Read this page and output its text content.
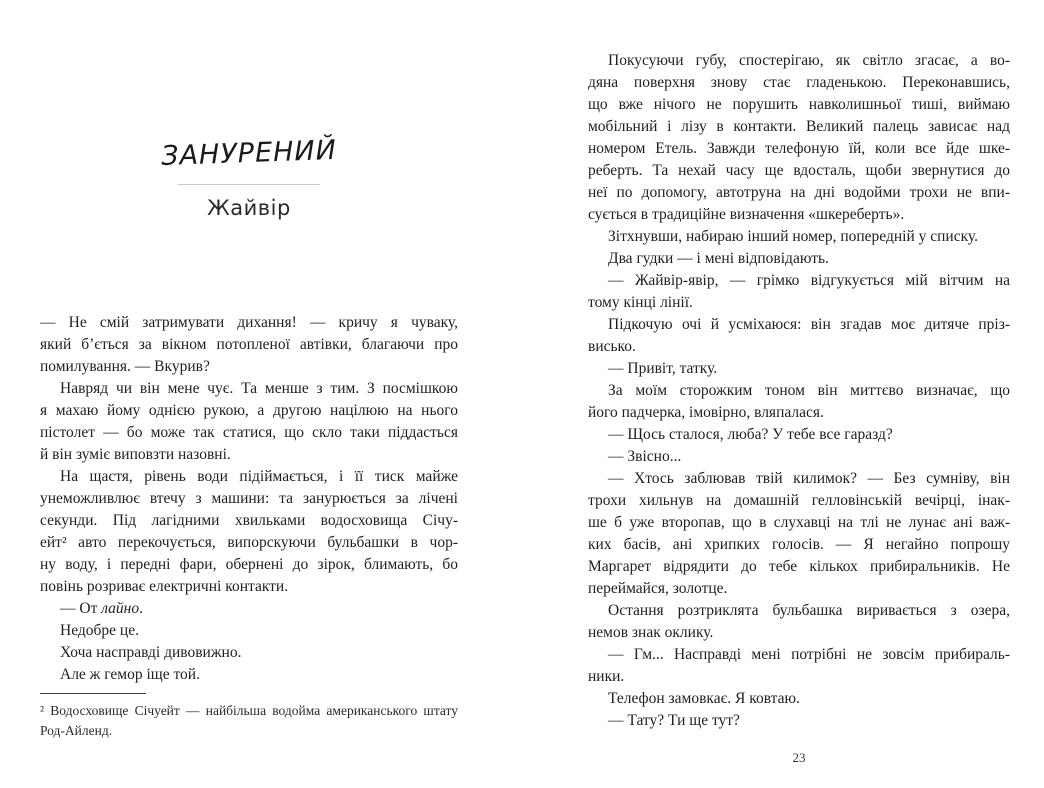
ЗАНУРЕНИЙ
Жайвір
— Не смій затримувати дихання! — кричу я чуваку,
який б’ється за вікном потопленої автівки, благаючи про
помилування. — Вкурив?
Навряд чи він мене чує. Та менше з тим. З посмішкою
я махаю йому однією рукою, а другою націлюю на нього
пістолет — бо може так статися, що скло таки піддасться
й він зуміє виповзти назовні.
На щастя, рівень води підіймається, і її тиск майже
унеможливлює втечу з машини: та занурюється за лічені
секунди. Під лагідними хвильками водосховища Січу-
ейт² авто перекочується, випорскуючи бульбашки в чор-
ну воду, і передні фари, обернені до зірок, блимають, бо
повінь розриває електричні контакти.
— От лайно.
Недобре це.
Хоча насправді дивовижно.
Але ж гемор іще той.
² Водосховище Січуейт — найбільша водойма американського штату
Род-Айленд.
Покусуючи губу, спостерігаю, як світло згасає, а во-
дяна поверхня знову стає гладенькою. Переконавшись,
що вже нічого не порушить навколишньої тиші, виймаю
мобільний і лізу в контакти. Великий палець зависає над
номером Етель. Завжди телефоную їй, коли все йде шке-
реберть. Та нехай часу ще вдосталь, щоби звернутися до
неї по допомогу, автотруна на дні водойми трохи не впи-
сується в традиційне визначення «шкереберть».
Зітхнувши, набираю інший номер, попередній у списку.
Два гудки — і мені відповідають.
— Жайвір-явір, — грімко відгукується мій вітчим на
тому кінці лінії.
Підкочую очі й усміхаюся: він згадав моє дитяче пріз-
висько.
— Привіт, татку.
За моїм сторожким тоном він миттєво визначає, що
його падчерка, імовірно, вляпалася.
— Щось сталося, люба? У тебе все гаразд?
— Звісно...
— Хтось заблював твій килимок? — Без сумніву, він
трохи хильнув на домашній гелловінській вечірці, інак-
ше б уже второпав, що в слухавці на тлі не лунає ані важ-
ких басів, ані хрипких голосів. — Я негайно попрошу
Маргарет відрядити до тебе кількох прибиральників. Не
переймайся, золотце.
Остання розтриклята бульбашка виривається з озера,
немов знак оклику.
— Гм... Насправді мені потрібні не зовсім прибираль-
ники.
Телефон замовкає. Я ковтаю.
— Тату? Ти ще тут?
23
